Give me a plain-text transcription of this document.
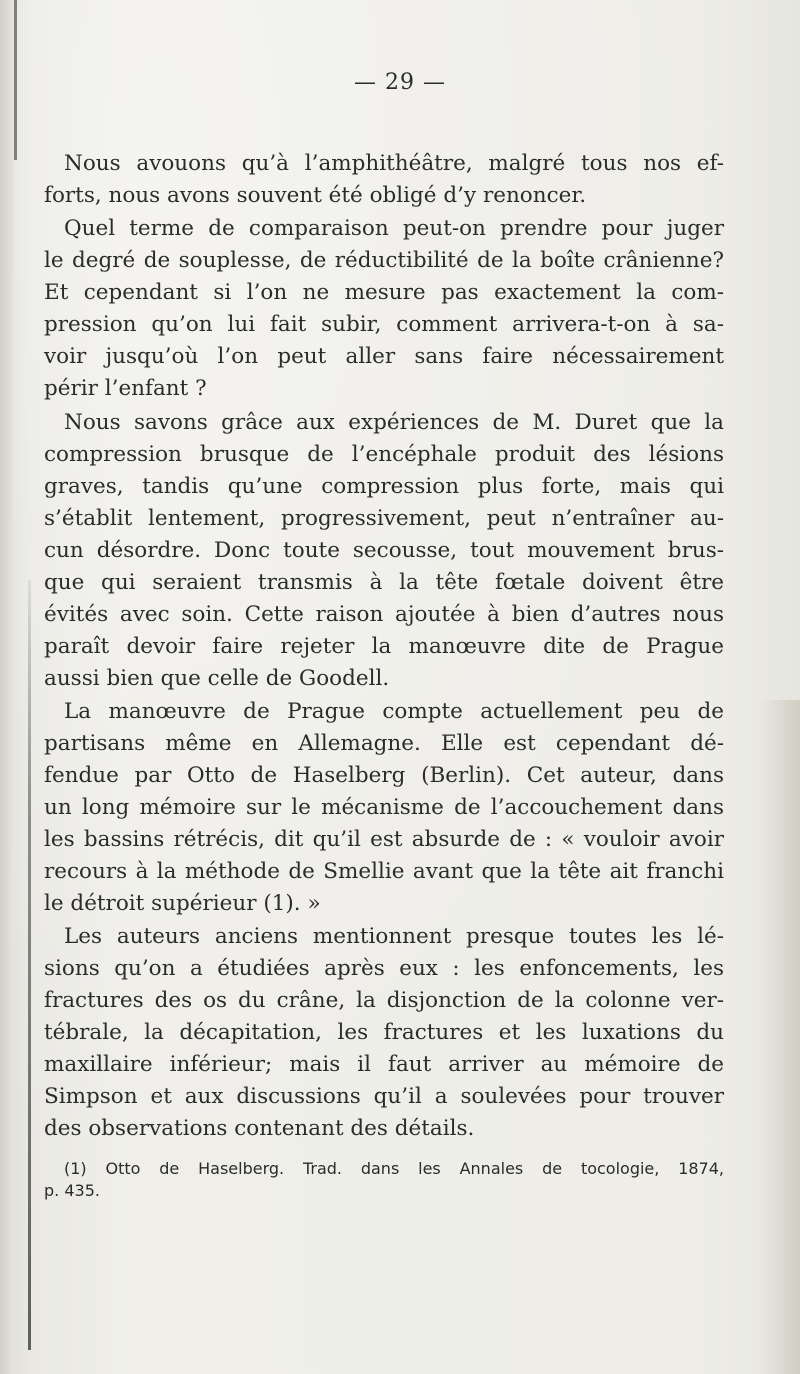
— 29 —
Nous avouons qu’à l’amphithéâtre, malgré tous nos ef-
forts, nous avons souvent été obligé d’y renoncer.
Quel terme de comparaison peut-on prendre pour juger
le degré de souplesse, de réductibilité de la boîte crânienne?
Et cependant si l’on ne mesure pas exactement la com-
pression qu’on lui fait subir, comment arrivera-t-on à sa-
voir jusqu’où l’on peut aller sans faire nécessairement
périr l’enfant ?
Nous savons grâce aux expériences de M. Duret que la
compression brusque de l’encéphale produit des lésions
graves, tandis qu’une compression plus forte, mais qui
s’établit lentement, progressivement, peut n’entraîner au-
cun désordre. Donc toute secousse, tout mouvement brus-
que qui seraient transmis à la tête fœtale doivent être
évités avec soin. Cette raison ajoutée à bien d’autres nous
paraît devoir faire rejeter la manœuvre dite de Prague
aussi bien que celle de Goodell.
La manœuvre de Prague compte actuellement peu de
partisans même en Allemagne. Elle est cependant dé-
fendue par Otto de Haselberg (Berlin). Cet auteur, dans
un long mémoire sur le mécanisme de l’accouchement dans
les bassins rétrécis, dit qu’il est absurde de : « vouloir avoir
recours à la méthode de Smellie avant que la tête ait franchi
le détroit supérieur (1). »
Les auteurs anciens mentionnent presque toutes les lé-
sions qu’on a étudiées après eux : les enfoncements, les
fractures des os du crâne, la disjonction de la colonne ver-
tébrale, la décapitation, les fractures et les luxations du
maxillaire inférieur; mais il faut arriver au mémoire de
Simpson et aux discussions qu’il a soulevées pour trouver
des observations contenant des détails.
(1) Otto de Haselberg. Trad. dans les Annales de tocologie, 1874,
p. 435.
